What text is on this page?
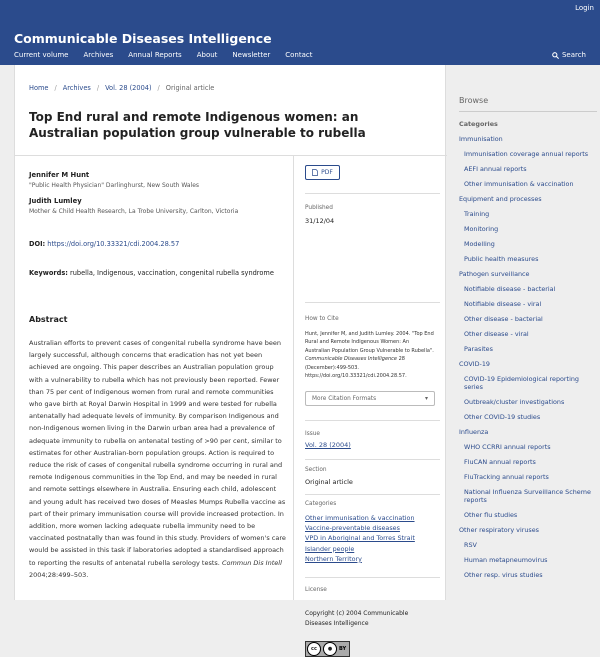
Login
Communicable Diseases Intelligence
Current volume Archives Annual Reports About Newsletter Contact	Search
Home / Archives / Vol. 28 (2004) / Original article
Top End rural and remote Indigenous women: an Australian population group vulnerable to rubella
Jennifer M Hunt
"Public Health Physician" Darlinghurst, New South Wales
Judith Lumley
Mother & Child Health Research, La Trobe University, Carlton, Victoria
DOI: https://doi.org/10.33321/cdi.2004.28.57
Keywords: rubella, Indigenous, vaccination, congenital rubella syndrome
Abstract
Australian efforts to prevent cases of congenital rubella syndrome have been largely successful, although concerns that eradication has not yet been achieved are ongoing. This paper describes an Australian population group with a vulnerability to rubella which has not previously been reported. Fewer than 75 per cent of Indigenous women from rural and remote communities who gave birth at Royal Darwin Hospital in 1999 and were tested for rubella antenatally had adequate levels of immunity. By comparison Indigenous and non-Indigenous women living in the Darwin urban area had a prevalence of adequate immunity to rubella on antenatal testing of >90 per cent, similar to estimates for other Australian-born population groups. Action is required to reduce the risk of cases of congenital rubella syndrome occurring in rural and remote Indigenous communities in the Top End, and may be needed in rural and remote settings elsewhere in Australia. Ensuring each child, adolescent and young adult has received two doses of Measles Mumps Rubella vaccine as part of their primary immunisation course will provide increased protection. In addition, more women lacking adequate rubella immunity need to be vaccinated postnatally than was found in this study. Providers of women's care would be assisted in this task if laboratories adopted a standardised approach to reporting the results of antenatal rubella serology tests. Commun Dis Intell 2004;28:499–503.
PDF
Published
31/12/04
How to Cite
Hunt, Jennifer M, and Judith Lumley. 2004. "Top End Rural and Remote Indigenous Women: An Australian Population Group Vulnerable to Rubella". Communicable Diseases Intelligence 28 (December):499-503. https://doi.org/10.33321/cdi.2004.28.57.
More Citation Formats	▾
Issue
Vol. 28 (2004)
Section
Original article
Categories
Other immunisation & vaccination
Vaccine-preventable diseases
VPD in Aboriginal and Torres Strait Islander people
Northern Territory
License
Copyright (c) 2004 Communicable Diseases Intelligence
cc	●	BY
Browse
Categories
Immunisation
Immunisation coverage annual reports
AEFI annual reports
Other immunisation & vaccination
Equipment and processes
Training
Monitoring
Modelling
Public health measures
Pathogen surveillance
Notifiable disease - bacterial
Notifiable disease - viral
Other disease - bacterial
Other disease - viral
Parasites
COVID-19
COVID-19 Epidemiological reporting series
Outbreak/cluster investigations
Other COVID-19 studies
Influenza
WHO CCRRI annual reports
FluCAN annual reports
FluTracking annual reports
National Influenza Surveillance Scheme reports
Other flu studies
Other respiratory viruses
RSV
Human metapneumovirus
Other resp. virus studies
